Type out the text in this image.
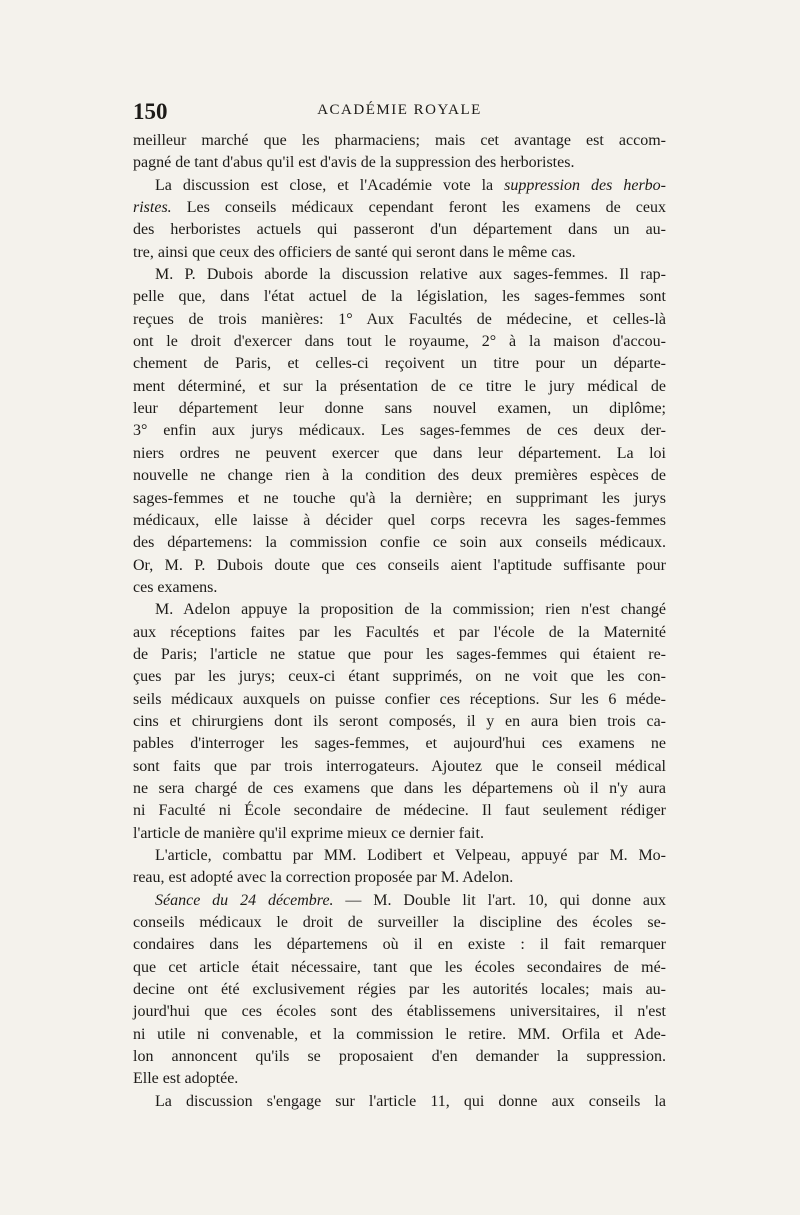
150	ACADÉMIE ROYALE
meilleur marché que les pharmaciens; mais cet avantage est accom-
pagné de tant d'abus qu'il est d'avis de la suppression des herboristes.
La discussion est close, et l'Académie vote la suppression des herbo-
ristes. Les conseils médicaux cependant feront les examens de ceux
des herboristes actuels qui passeront d'un département dans un au-
tre, ainsi que ceux des officiers de santé qui seront dans le même cas.
M. P. Dubois aborde la discussion relative aux sages-femmes. Il rap-
pelle que, dans l'état actuel de la législation, les sages-femmes sont
reçues de trois manières: 1° Aux Facultés de médecine, et celles-là
ont le droit d'exercer dans tout le royaume, 2° à la maison d'accou-
chement de Paris, et celles-ci reçoivent un titre pour un départe-
ment déterminé, et sur la présentation de ce titre le jury médical de
leur département leur donne sans nouvel examen, un diplôme;
3° enfin aux jurys médicaux. Les sages-femmes de ces deux der-
niers ordres ne peuvent exercer que dans leur département. La loi
nouvelle ne change rien à la condition des deux premières espèces de
sages-femmes et ne touche qu'à la dernière; en supprimant les jurys
médicaux, elle laisse à décider quel corps recevra les sages-femmes
des départemens: la commission confie ce soin aux conseils médicaux.
Or, M. P. Dubois doute que ces conseils aient l'aptitude suffisante pour
ces examens.
M. Adelon appuye la proposition de la commission; rien n'est changé
aux réceptions faites par les Facultés et par l'école de la Maternité
de Paris; l'article ne statue que pour les sages-femmes qui étaient re-
çues par les jurys; ceux-ci étant supprimés, on ne voit que les con-
seils médicaux auxquels on puisse confier ces réceptions. Sur les 6 méde-
cins et chirurgiens dont ils seront composés, il y en aura bien trois ca-
pables d'interroger les sages-femmes, et aujourd'hui ces examens ne
sont faits que par trois interrogateurs. Ajoutez que le conseil médical
ne sera chargé de ces examens que dans les départemens où il n'y aura
ni Faculté ni École secondaire de médecine. Il faut seulement rédiger
l'article de manière qu'il exprime mieux ce dernier fait.
L'article, combattu par MM. Lodibert et Velpeau, appuyé par M. Mo-
reau, est adopté avec la correction proposée par M. Adelon.
Séance du 24 décembre. — M. Double lit l'art. 10, qui donne aux
conseils médicaux le droit de surveiller la discipline des écoles se-
condaires dans les départemens où il en existe : il fait remarquer
que cet article était nécessaire, tant que les écoles secondaires de mé-
decine ont été exclusivement régies par les autorités locales; mais au-
jourd'hui que ces écoles sont des établissemens universitaires, il n'est
ni utile ni convenable, et la commission le retire. MM. Orfila et Ade-
lon annoncent qu'ils se proposaient d'en demander la suppression.
Elle est adoptée.
La discussion s'engage sur l'article 11, qui donne aux conseils la
